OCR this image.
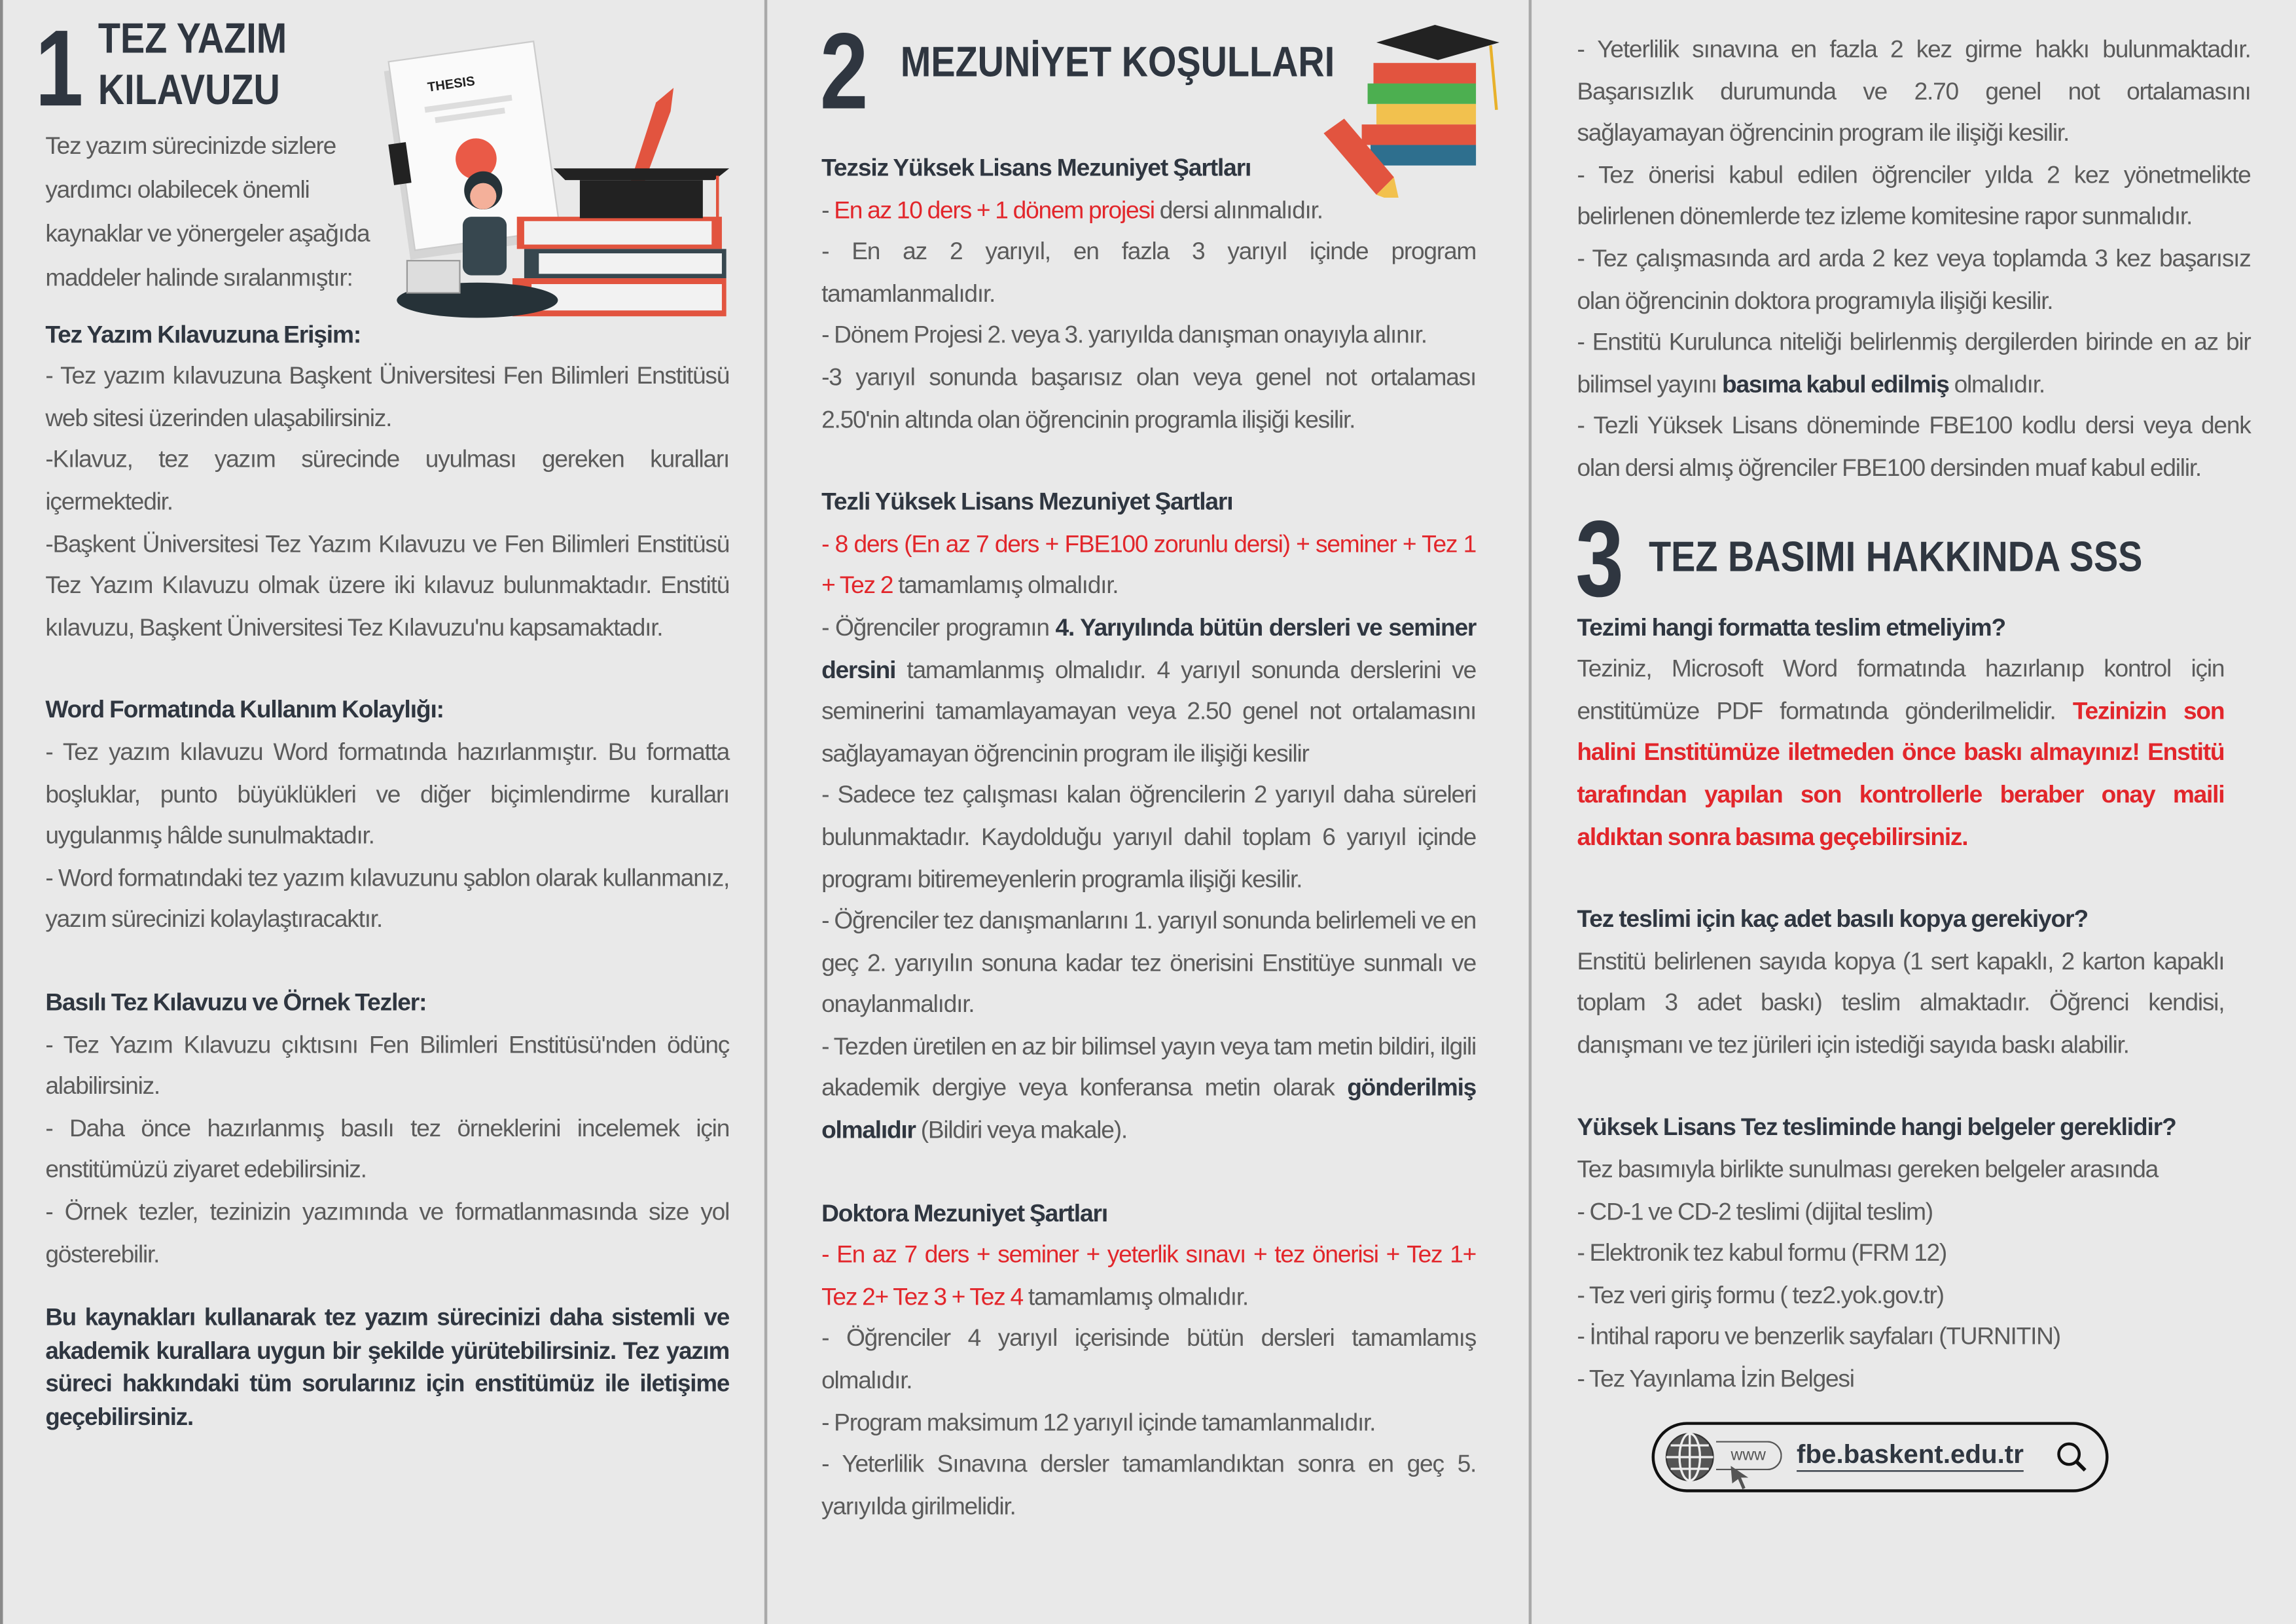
1 TEZ YAZIM
KILAVUZU	THESIS
Tez yazım sürecinizde sizlere yardımcı olabilecek önemli kaynaklar ve yönergeler aşağıda maddeler halinde sıralanmıştır:
Tez Yazım Kılavuzuna Erişim:

- Tez yazım kılavuzuna Başkent Üniversitesi Fen Bilimleri Enstitüsü web sitesi üzerinden ulaşabilirsiniz.

-Kılavuz, tez yazım sürecinde uyulması gereken kuralları içermektedir.

-Başkent Üniversitesi Tez Yazım Kılavuzu ve Fen Bilimleri Enstitüsü Tez Yazım Kılavuzu olmak üzere iki kılavuz bulunmaktadır. Enstitü kılavuzu, Başkent Üniversitesi Tez Kılavuzu'nu kapsamaktadır.

Word Formatında Kullanım Kolaylığı:

- Tez yazım kılavuzu Word formatında hazırlanmıştır. Bu formatta boşluklar, punto büyüklükleri ve diğer biçimlendirme kuralları uygulanmış hâlde sunulmaktadır.

- Word formatındaki tez yazım kılavuzunu şablon olarak kullanmanız, yazım sürecinizi kolaylaştıracaktır.

Basılı Tez Kılavuzu ve Örnek Tezler:

- Tez Yazım Kılavuzu çıktısını Fen Bilimleri Enstitüsü'nden ödünç alabilirsiniz.

- Daha önce hazırlanmış basılı tez örneklerini incelemek için enstitümüzü ziyaret edebilirsiniz.

- Örnek tezler, tezinizin yazımında ve formatlanmasında size yol gösterebilir.

Bu kaynakları kullanarak tez yazım sürecinizi daha sistemli ve akademik kurallara uygun bir şekilde yürütebilirsiniz. Tez yazım süreci hakkındaki tüm sorularınız için enstitümüz ile iletişime geçebilirsiniz.
2 MEZUNİYET KOŞULLARI
Tezsiz Yüksek Lisans Mezuniyet Şartları

- En az 10 ders + 1 dönem projesi dersi alınmalıdır.

- En az 2 yarıyıl, en fazla 3 yarıyıl içinde program tamamlanmalıdır.

- Dönem Projesi 2. veya 3. yarıyılda danışman onayıyla alınır.

-3 yarıyıl sonunda başarısız olan veya genel not ortalaması 2.50'nin altında olan öğrencinin programla ilişiği kesilir.

Tezli Yüksek Lisans Mezuniyet Şartları

- 8 ders (En az 7 ders + FBE100 zorunlu dersi) + seminer + Tez 1 + Tez 2 tamamlamış olmalıdır.

- Öğrenciler programın 4. Yarıyılında bütün dersleri ve seminer dersini tamamlanmış olmalıdır. 4 yarıyıl sonunda derslerini ve seminerini tamamlayamayan veya 2.50 genel not ortalamasını sağlayamayan öğrencinin program ile ilişiği kesilir

- Sadece tez çalışması kalan öğrencilerin 2 yarıyıl daha süreleri bulunmaktadır. Kaydolduğu yarıyıl dahil toplam 6 yarıyıl içinde programı bitiremeyenlerin programla ilişiği kesilir.

- Öğrenciler tez danışmanlarını 1. yarıyıl sonunda belirlemeli ve en geç 2. yarıyılın sonuna kadar tez önerisini Enstitüye sunmalı ve onaylanmalıdır.

- Tezden üretilen en az bir bilimsel yayın veya tam metin bildiri, ilgili akademik dergiye veya konferansa metin olarak gönderilmiş olmalıdır (Bildiri veya makale).

Doktora Mezuniyet Şartları

- En az 7 ders + seminer + yeterlik sınavı + tez önerisi + Tez 1+ Tez 2+ Tez 3 + Tez 4 tamamlamış olmalıdır.

- Öğrenciler 4 yarıyıl içerisinde bütün dersleri tamamlamış olmalıdır.

- Program maksimum 12 yarıyıl içinde tamamlanmalıdır.

- Yeterlilik Sınavına dersler tamamlandıktan sonra en geç 5. yarıyılda girilmelidir.

- Yeterlilik sınavına en fazla 2 kez girme hakkı bulunmaktadır. Başarısızlık durumunda ve 2.70 genel not ortalamasını sağlayamayan öğrencinin program ile ilişiği kesilir.

- Tez önerisi kabul edilen öğrenciler yılda 2 kez yönetmelikte belirlenen dönemlerde tez izleme komitesine rapor sunmalıdır.

- Tez çalışmasında ard arda 2 kez veya toplamda 3 kez başarısız olan öğrencinin doktora programıyla ilişiği kesilir.

- Enstitü Kurulunca niteliği belirlenmiş dergilerden birinde en az bir bilimsel yayını basıma kabul edilmiş olmalıdır.

- Tezli Yüksek Lisans döneminde FBE100 kodlu dersi veya denk olan dersi almış öğrenciler FBE100 dersinden muaf kabul edilir.

3 TEZ BASIMI HAKKINDA SSS
Tezimi hangi formatta teslim etmeliyim?

Teziniz, Microsoft Word formatında hazırlanıp kontrol için enstitümüze PDF formatında gönderilmelidir. Tezinizin son halini Enstitümüze iletmeden önce baskı almayınız! Enstitü tarafından yapılan son kontrollerle beraber onay maili aldıktan sonra basıma geçebilirsiniz.

Tez teslimi için kaç adet basılı kopya gerekiyor?

Enstitü belirlenen sayıda kopya (1 sert kapaklı, 2 karton kapaklı toplam 3 adet baskı) teslim almaktadır. Öğrenci kendisi, danışmanı ve tez jürileri için istediği sayıda baskı alabilir.

Yüksek Lisans Tez tesliminde hangi belgeler gereklidir?

Tez basımıyla birlikte sunulması gereken belgeler arasında

- CD-1 ve CD-2 teslimi (dijital teslim)

- Elektronik tez kabul formu (FRM 12)

- Tez veri giriş formu ( tez2.yok.gov.tr)

- İntihal raporu ve benzerlik sayfaları (TURNITIN)

- Tez Yayınlama İzin Belgesi

www	fbe.baskent.edu.tr
